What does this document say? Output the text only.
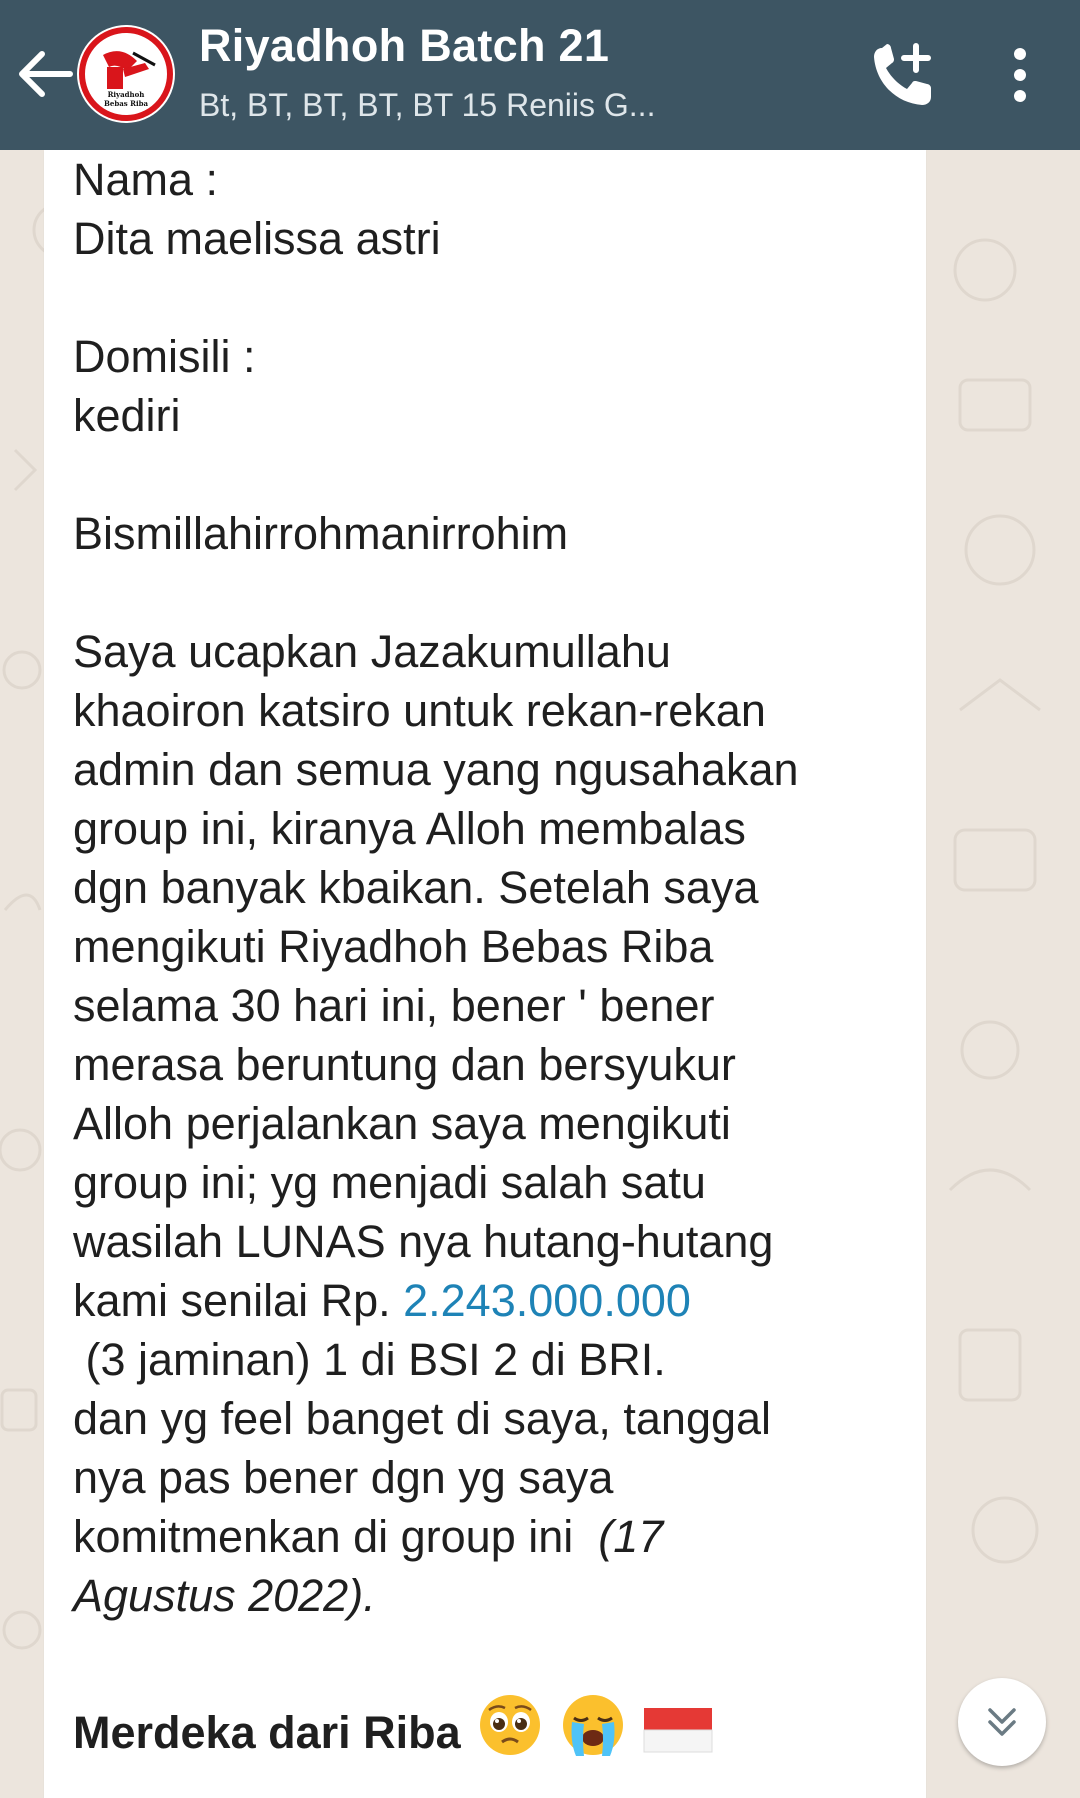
Riyadhoh
Bebas Riba
Riyadhoh Batch 21
Bt, BT, BT, BT, BT 15 Reniis G...

Nama :

Dita maelissa astri

Domisili :

kediri

Bismillahirrohmanirrohim

Saya ucapkan Jazakumullahu

khaoiron katsiro untuk rekan-rekan

admin dan semua yang ngusahakan

group ini, kiranya Alloh membalas

dgn banyak kbaikan. Setelah saya

mengikuti Riyadhoh Bebas Riba

selama 30 hari ini, bener ' bener

merasa beruntung dan bersyukur

Alloh perjalankan saya mengikuti

group ini; yg menjadi salah satu

wasilah LUNAS nya hutang-hutang

kami senilai Rp. 2.243.000.000

(3 jaminan) 1 di BSI 2 di BRI.

dan yg feel banget di saya, tanggal

nya pas bener dgn yg saya

komitmenkan di group ini  (17

Agustus 2022).

Merdeka dari Riba
